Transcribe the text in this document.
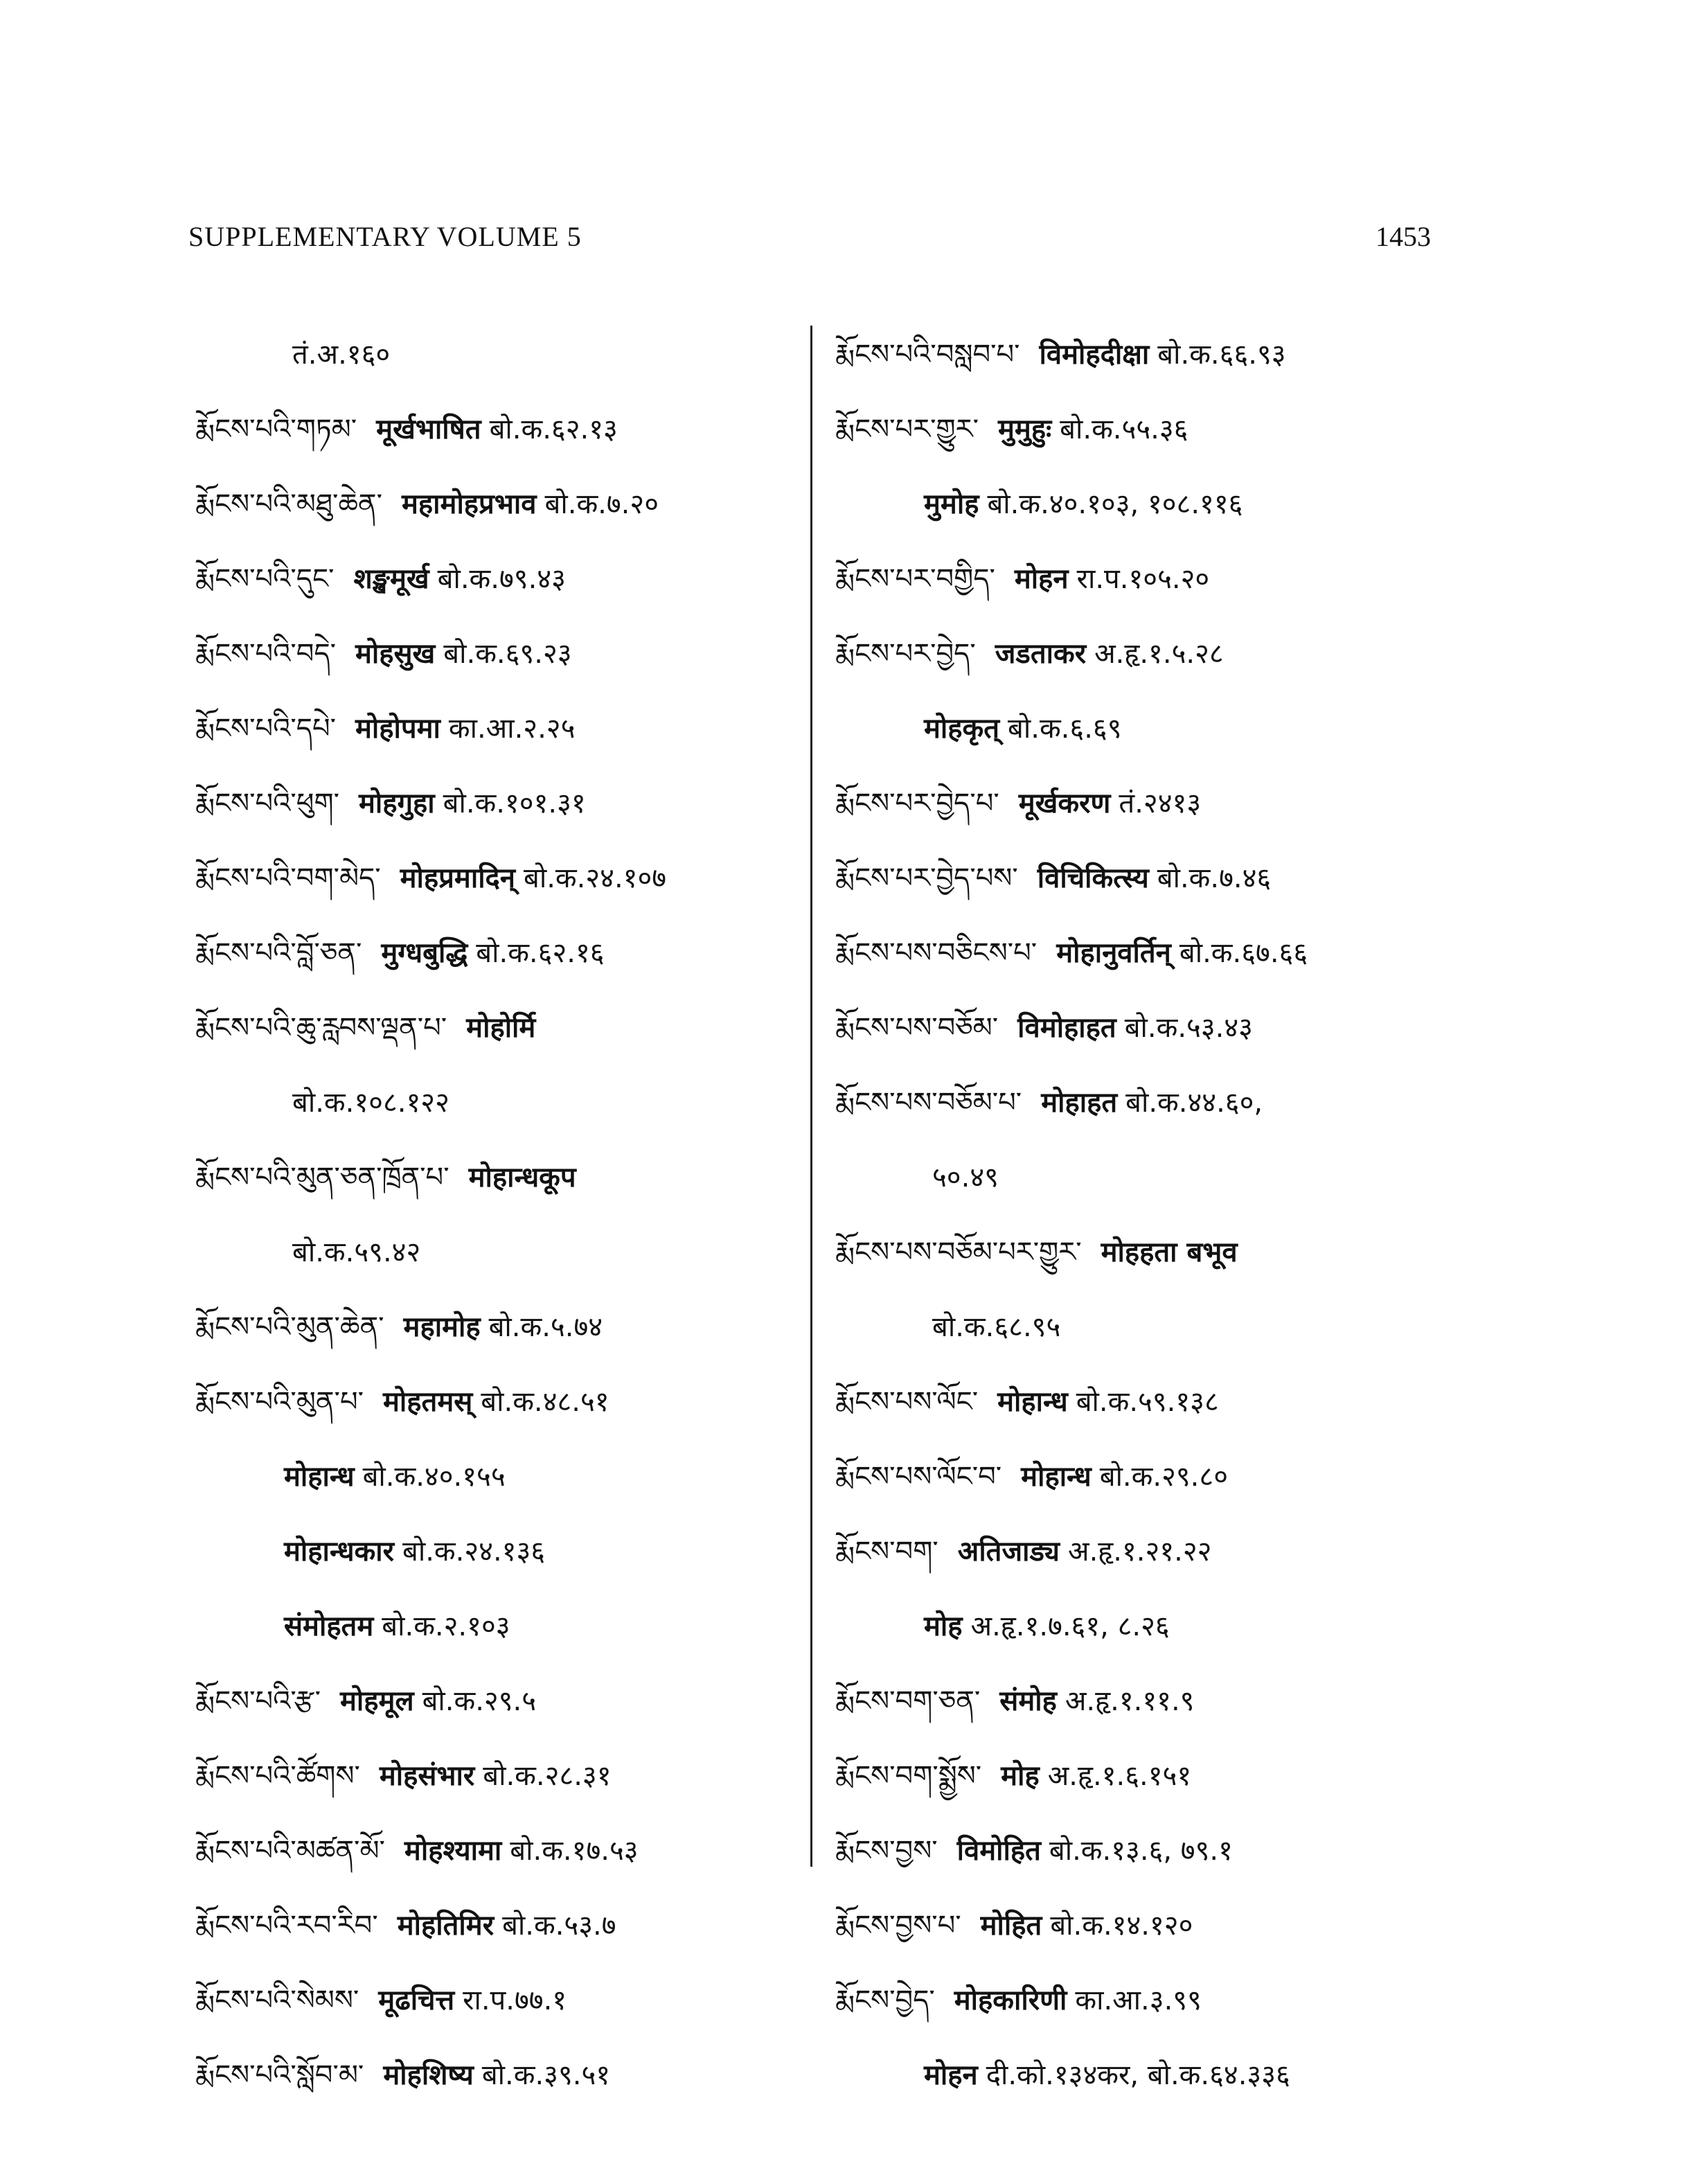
SUPPLEMENTARY VOLUME 5	1453
तं.अ.१६०
རྨོངས་པའི་གཏམ་ मूर्खभाषित बो.क.६२.१३
རྨོངས་པའི་མཐུ་ཆེན་ महामोहप्रभाव बो.क.७.२०
རྨོངས་པའི་དུང་ शङ्खमूर्ख बो.क.७९.४३
རྨོངས་པའི་བདེ་ मोहसुख बो.क.६९.२३
རྨོངས་པའི་དཔེ་ मोहोपमा का.आ.२.२५
རྨོངས་པའི་ཕུག་ मोहगुहा बो.क.१०१.३१
རྨོངས་པའི་བག་མེད་ मोहप्रमादिन् बो.क.२४.१०७
རྨོངས་པའི་བློ་ཅན་ मुग्धबुद्धि बो.क.६२.१६
རྨོངས་པའི་ཆུ་རླབས་ལྡན་པ་ मोहोर्मि
बो.क.१०८.१२२
རྨོངས་པའི་མུན་ཅན་ཁྲོན་པ་ मोहान्धकूप
बो.क.५९.४२
རྨོངས་པའི་མུན་ཆེན་ महामोह बो.क.५.७४
རྨོངས་པའི་མུན་པ་ मोहतमस् बो.क.४८.५१
मोहान्ध बो.क.४०.१५५
मोहान्धकार बो.क.२४.१३६
संमोहतम बो.क.२.१०३
རྨོངས་པའི་རྩ་ मोहमूल बो.क.२९.५
རྨོངས་པའི་ཚོགས་ मोहसंभार बो.क.२८.३१
རྨོངས་པའི་མཚན་མོ་ मोहश्यामा बो.क.१७.५३
རྨོངས་པའི་རབ་རིབ་ मोहतिमिर बो.क.५३.७
རྨོངས་པའི་སེམས་ मूढचित्त रा.प.७७.१
རྨོངས་པའི་སློབ་མ་ मोहशिष्य बो.क.३९.५१
རྨོངས་པའི་བསླབ་པ་ विमोहदीक्षा बो.क.६६.९३
རྨོངས་པར་གྱུར་ मुमुहुः बो.क.५५.३६
मुमोह बो.क.४०.१०३, १०८.११६
རྨོངས་པར་བགྱིད་ मोहन रा.प.१०५.२०
རྨོངས་པར་བྱེད་ जडताकर अ.हृ.१.५.२८
मोहकृत् बो.क.६.६९
རྨོངས་པར་བྱེད་པ་ मूर्खकरण तं.२४१३
རྨོངས་པར་བྱེད་པས་ विचिकित्स्य बो.क.७.४६
རྨོངས་པས་བཅིངས་པ་ मोहानुवर्तिन् बो.क.६७.६६
རྨོངས་པས་བཅོམ་ विमोहाहत बो.क.५३.४३
རྨོངས་པས་བཅོམ་པ་ मोहाहत बो.क.४४.६०,
५०.४९
རྨོངས་པས་བཅོམ་པར་གྱུར་ मोहहता बभूव
बो.क.६८.९५
རྨོངས་པས་ལོང་ मोहान्ध बो.क.५९.१३८
རྨོངས་པས་ལོང་བ་ मोहान्ध बो.क.२९.८०
རྨོངས་བག་ अतिजाड्य अ.हृ.१.२१.२२
मोह अ.हृ.१.७.६१, ८.२६
རྨོངས་བག་ཅན་ संमोह अ.हृ.१.११.९
རྨོངས་བག་སྨྱོས་ मोह अ.हृ.१.६.१५१
རྨོངས་བྱས་ विमोहित बो.क.१३.६, ७९.१
རྨོངས་བྱས་པ་ मोहित बो.क.१४.१२०
རྨོངས་བྱེད་ मोहकारिणी का.आ.३.९९
मोहन दी.को.१३४कर, बो.क.६४.३३६
